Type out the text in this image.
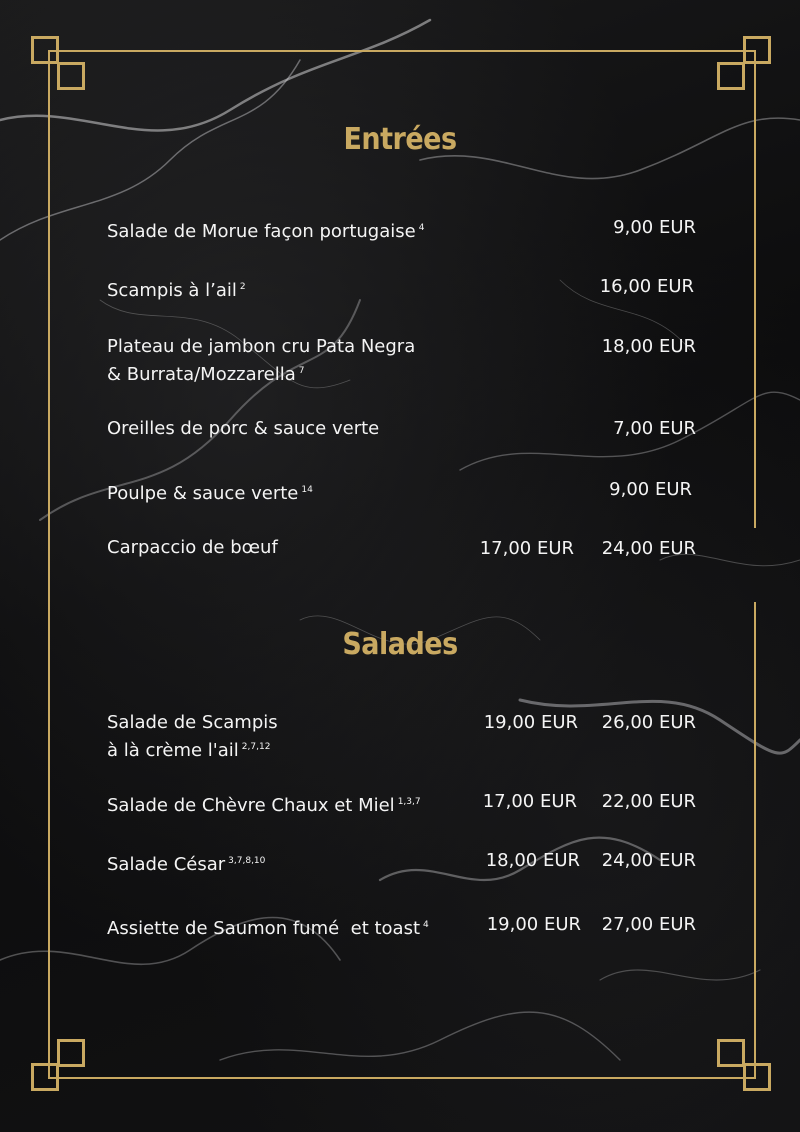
Entrées
Salade de Morue façon portugaise $^4$	9,00 EUR
Scampis à l’ail $^2$	16,00 EUR
Plateau de jambon cru Pata Negra
& Burrata/Mozzarella $^7$
18,00 EUR
Oreilles de porc & sauce verte	7,00 EUR
Poulpe & sauce verte $^{14}$	9,00 EUR
Carpaccio de bœuf	17,00 EUR 24,00 EUR
Salades
Salade de Scampis
à là crème l'ail $^{2,7,12}$
19,00 EUR 26,00 EUR
Salade de Chèvre Chaux et Miel $^{1,3,7}$	17,00 EUR 22,00 EUR
Salade César $^{3,7,8,10}$	18,00 EUR 24,00 EUR
Assiette de Saumon fumé  et toast $^4$	19,00 EUR 27,00 EUR
